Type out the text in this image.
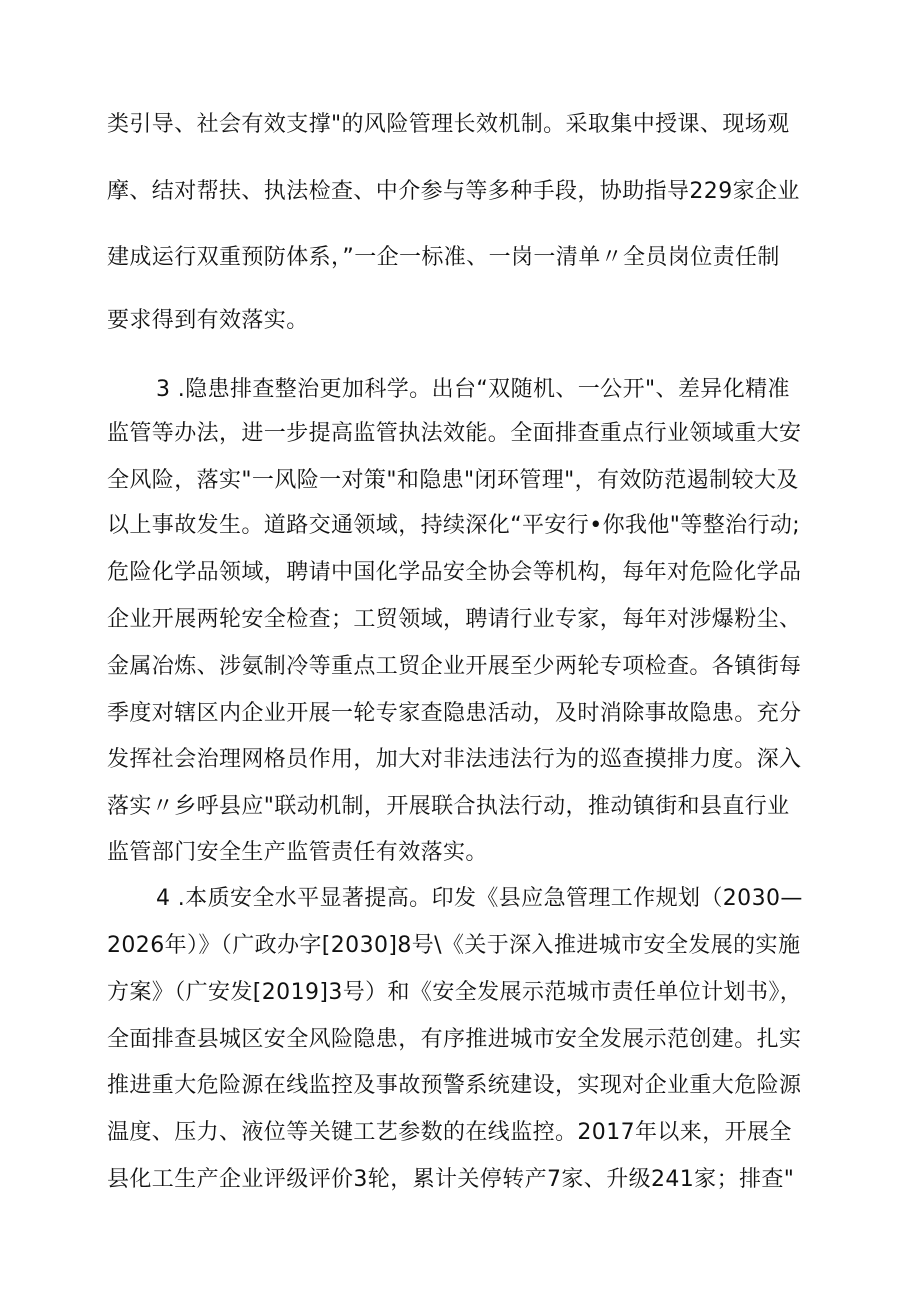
类引导、社会有效支撑"的风险管理长效机制。采取集中授课、现场观
摩、结对帮扶、执法检查、中介参与等多种手段，协助指导229家企业
建成运行双重预防体系，”一企一标准、一岗一清单〃全员岗位责任制
要求得到有效落实。
3 .隐患排查整治更加科学。出台“双随机、一公开"、差异化精准
监管等办法，进一步提高监管执法效能。全面排查重点行业领域重大安
全风险，落实"一风险一对策"和隐患"闭环管理"，有效防范遏制较大及
以上事故发生。道路交通领域，持续深化“平安行•你我他"等整治行动;
危险化学品领域，聘请中国化学品安全协会等机构，每年对危险化学品
企业开展两轮安全检查；工贸领域，聘请行业专家，每年对涉爆粉尘、
金属冶炼、涉氨制冷等重点工贸企业开展至少两轮专项检查。各镇街每
季度对辖区内企业开展一轮专家查隐患活动，及时消除事故隐患。充分
发挥社会治理网格员作用，加大对非法违法行为的巡查摸排力度。深入
落实〃乡呼县应"联动机制，开展联合执法行动，推动镇街和县直行业
监管部门安全生产监管责任有效落实。
4 .本质安全水平显著提高。印发《县应急管理工作规划（2030—
2026年）》（广政办字[2030]8号\《关于深入推进城市安全发展的实施
方案》（广安发[2019]3号）和《安全发展示范城市责任单位计划书》，
全面排查县城区安全风险隐患，有序推进城市安全发展示范创建。扎实
推进重大危险源在线监控及事故预警系统建设，实现对企业重大危险源
温度、压力、液位等关键工艺参数的在线监控。2017年以来，开展全
县化工生产企业评级评价3轮，累计关停转产7家、升级241家；排查"
